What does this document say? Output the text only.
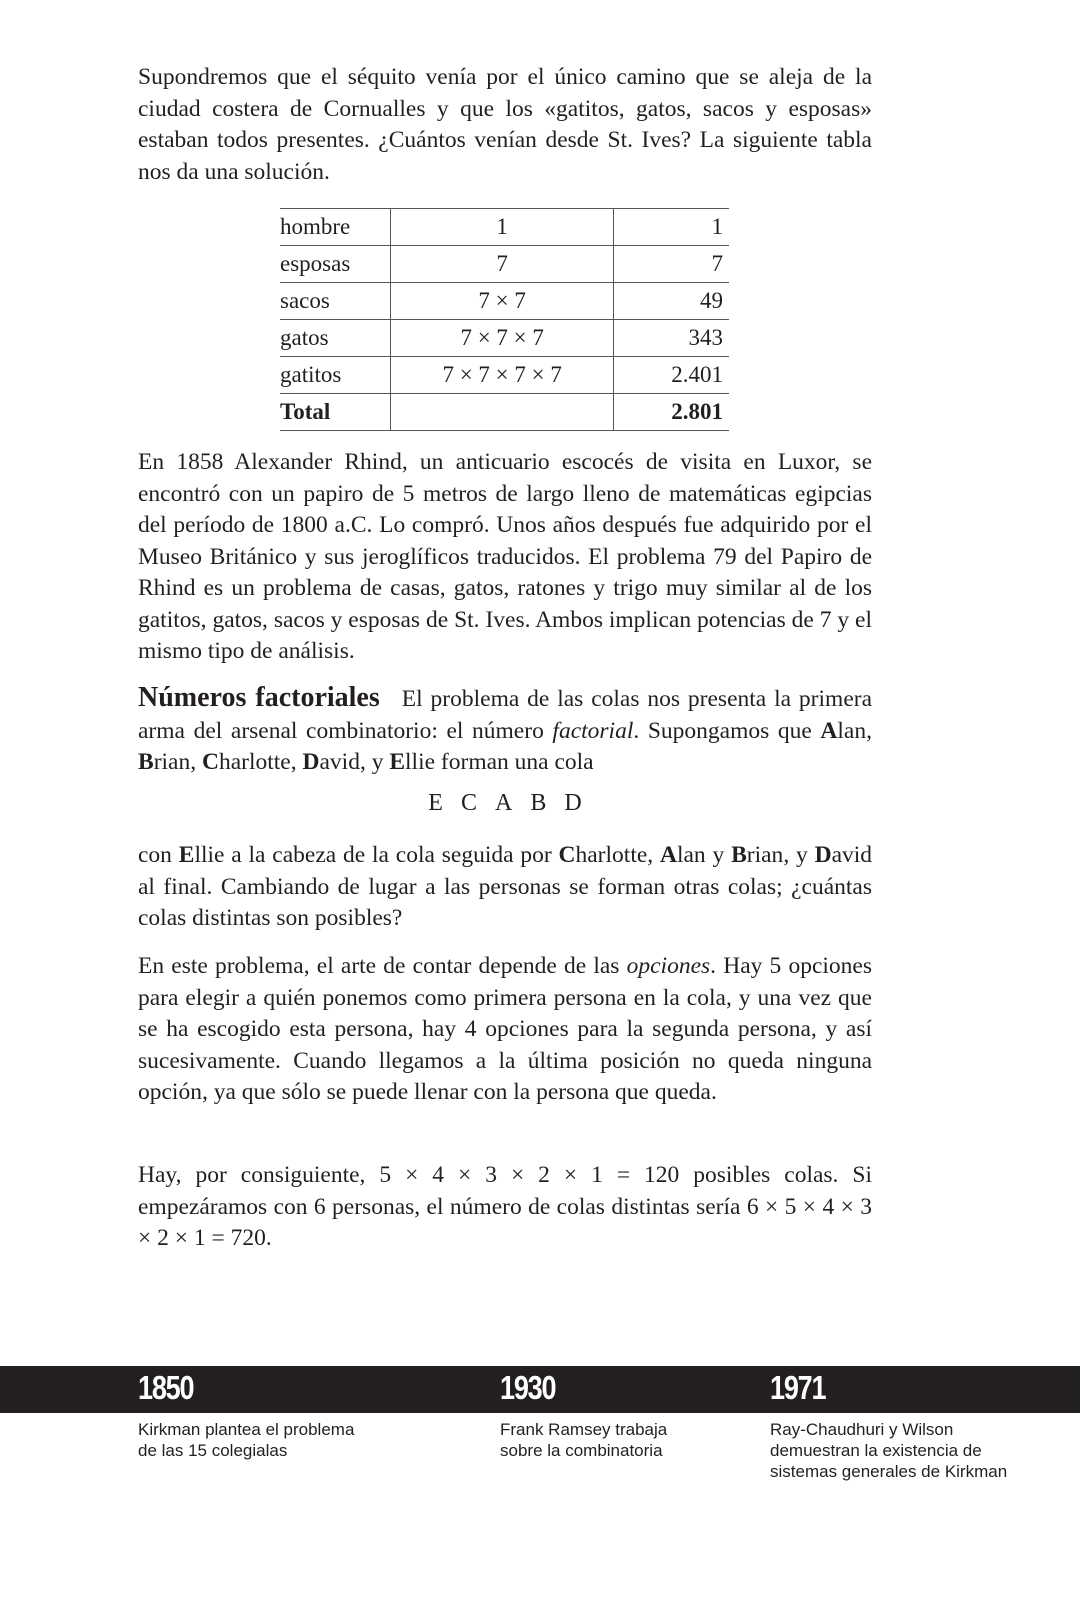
Supondremos que el séquito venía por el único camino que se aleja de la ciudad costera de Cornualles y que los «gatitos, gatos, sacos y esposas» estaban todos presentes. ¿Cuántos venían desde St. Ives? La siguiente tabla nos da una solución.

hombre	1	1
esposas	7	7
sacos	7 × 7	49
gatos	7 × 7 × 7	343
gatitos	7 × 7 × 7 × 7	2.401
Total		2.801

En 1858 Alexander Rhind, un anticuario escocés de visita en Luxor, se encontró con un papiro de 5 metros de largo lleno de matemáticas egipcias del período de 1800 a.C. Lo compró. Unos años después fue adquirido por el Museo Británico y sus jeroglíficos traducidos. El problema 79 del Papiro de Rhind es un problema de casas, gatos, ratones y trigo muy similar al de los gatitos, gatos, sacos y esposas de St. Ives. Ambos implican potencias de 7 y el mismo tipo de análisis.

Números factoriales El problema de las colas nos presenta la primera arma del arsenal combinatorio: el número factorial. Supongamos que Alan, Brian, Charlotte, David, y Ellie forman una cola

E C A B D

con Ellie a la cabeza de la cola seguida por Charlotte, Alan y Brian, y David al final. Cambiando de lugar a las personas se forman otras colas; ¿cuántas colas distintas son posibles?

En este problema, el arte de contar depende de las opciones. Hay 5 opciones para elegir a quién ponemos como primera persona en la cola, y una vez que se ha escogido esta persona, hay 4 opciones para la segunda persona, y así sucesivamente. Cuando llegamos a la última posición no queda ninguna opción, ya que sólo se puede llenar con la persona que queda.

Hay, por consiguiente, 5 × 4 × 3 × 2 × 1 = 120 posibles colas. Si empezáramos con 6 personas, el número de colas distintas sería 6 × 5 × 4 × 3 × 2 × 1 = 720.

1850	1930	1971
Kirkman plantea el problema
de las 15 colegialas
Frank Ramsey trabaja
sobre la combinatoria
Ray-Chaudhuri y Wilson
demuestran la existencia de
sistemas generales de Kirkman
